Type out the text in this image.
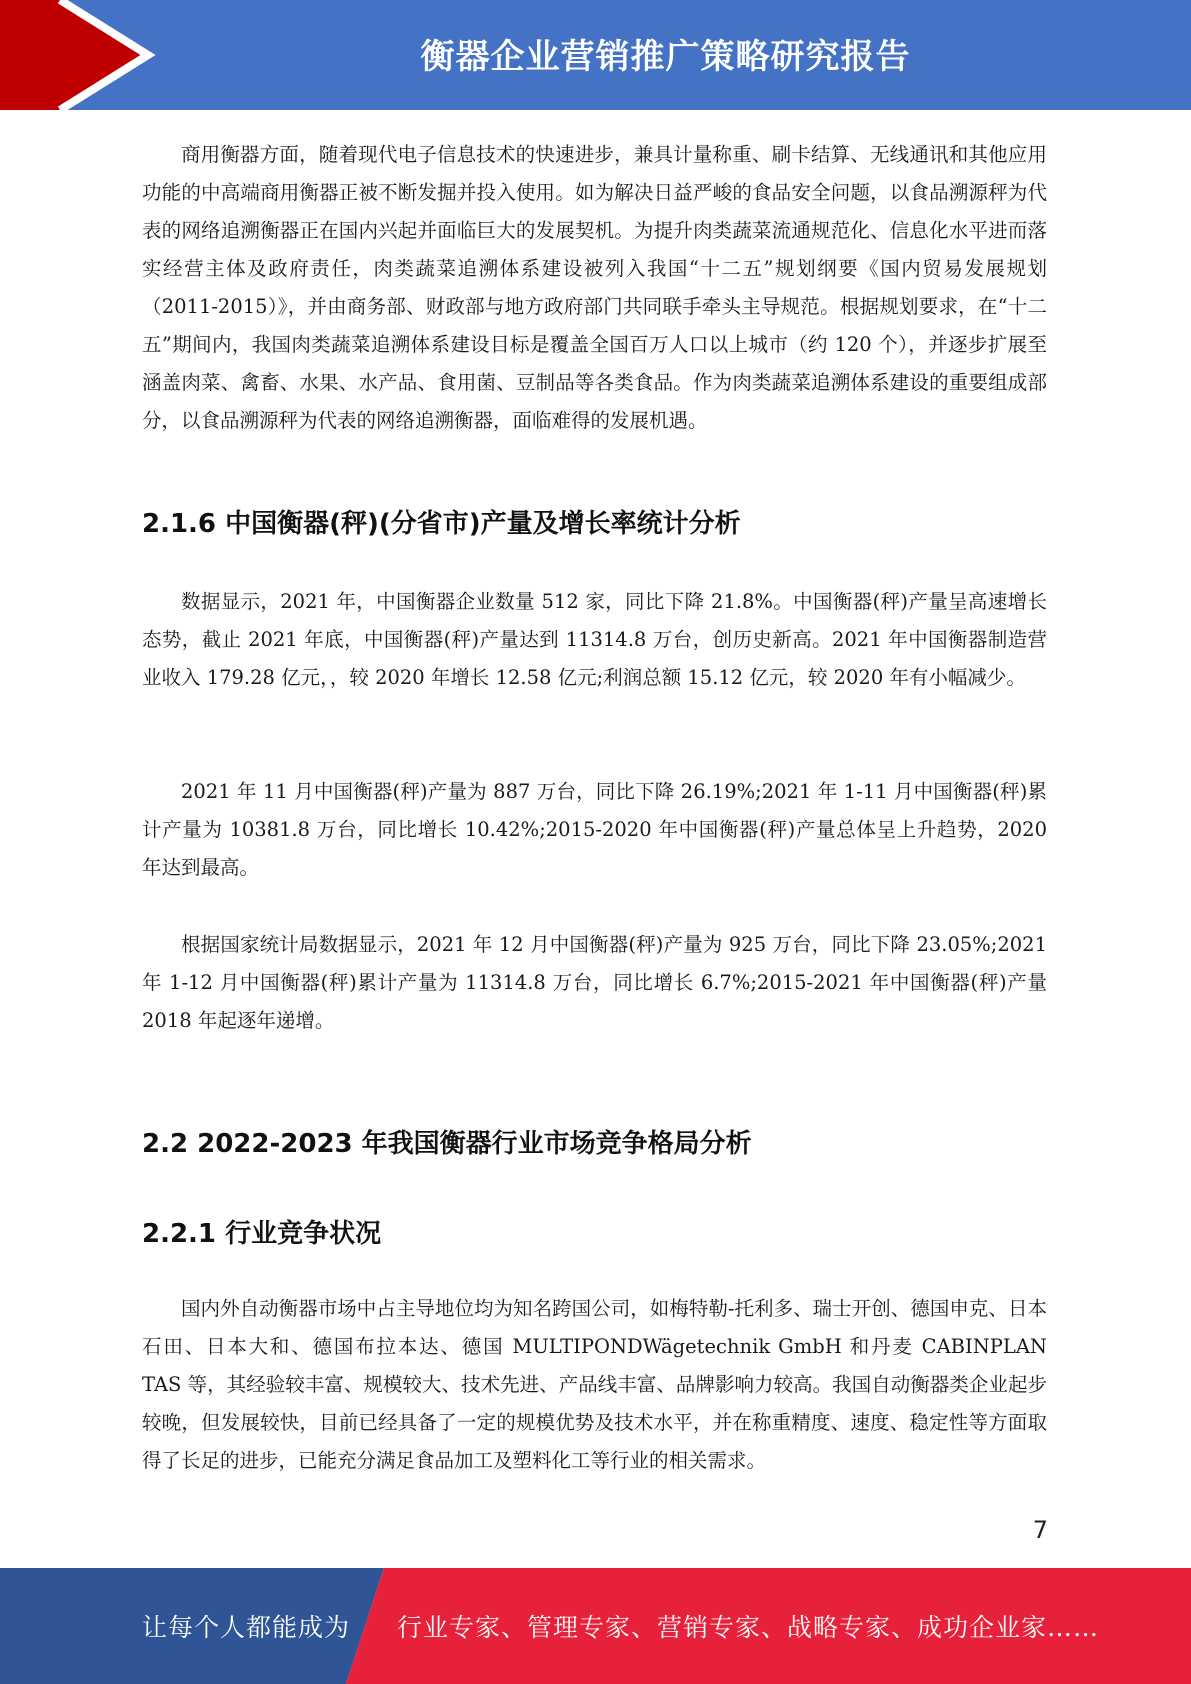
衡器企业营销推广策略研究报告

商用衡器方面，随着现代电子信息技术的快速进步，兼具计量称重、刷卡结算、无线通讯和其他应用功能的中高端商用衡器正被不断发掘并投入使用。如为解决日益严峻的食品安全问题，以食品溯源秤为代表的网络追溯衡器正在国内兴起并面临巨大的发展契机。为提升肉类蔬菜流通规范化、信息化水平进而落实经营主体及政府责任，肉类蔬菜追溯体系建设被列入我国“十二五”规划纲要《国内贸易发展规划（2011-2015）》，并由商务部、财政部与地方政府部门共同联手牵头主导规范。根据规划要求，在“十二五”期间内，我国肉类蔬菜追溯体系建设目标是覆盖全国百万人口以上城市（约 120 个），并逐步扩展至涵盖肉菜、禽畜、水果、水产品、食用菌、豆制品等各类食品。作为肉类蔬菜追溯体系建设的重要组成部分，以食品溯源秤为代表的网络追溯衡器，面临难得的发展机遇。

2.1.6 中国衡器(秤)(分省市)产量及增长率统计分析

数据显示，2021 年，中国衡器企业数量 512 家，同比下降 21.8%。中国衡器(秤)产量呈高速增长态势，截止 2021 年底，中国衡器(秤)产量达到 11314.8 万台，创历史新高。2021 年中国衡器制造营业收入 179.28 亿元，，较 2020 年增长 12.58 亿元;利润总额 15.12 亿元，较 2020 年有小幅减少。

2021 年 11 月中国衡器(秤)产量为 887 万台，同比下降 26.19%;2021 年 1-11 月中国衡器(秤)累计产量为 10381.8 万台，同比增长 10.42%;2015-2020 年中国衡器(秤)产量总体呈上升趋势，2020 年达到最高。

根据国家统计局数据显示，2021 年 12 月中国衡器(秤)产量为 925 万台，同比下降 23.05%;2021 年 1-12 月中国衡器(秤)累计产量为 11314.8 万台，同比增长 6.7%;2015-2021 年中国衡器(秤)产量 2018 年起逐年递增。

2.2 2022-2023 年我国衡器行业市场竞争格局分析
2.2.1 行业竞争状况

国内外自动衡器市场中占主导地位均为知名跨国公司，如梅特勒-托利多、瑞士开创、德国申克、日本石田、日本大和、德国布拉本达、德国 MULTIPONDWägetechnik GmbH 和丹麦 CABINPLAN TAS 等，其经验较丰富、规模较大、技术先进、产品线丰富、品牌影响力较高。我国自动衡器类企业起步较晚，但发展较快，目前已经具备了一定的规模优势及技术水平，并在称重精度、速度、稳定性等方面取得了长足的进步，已能充分满足食品加工及塑料化工等行业的相关需求。

7
让每个人都能成为 行业专家、管理专家、营销专家、战略专家、成功企业家……
